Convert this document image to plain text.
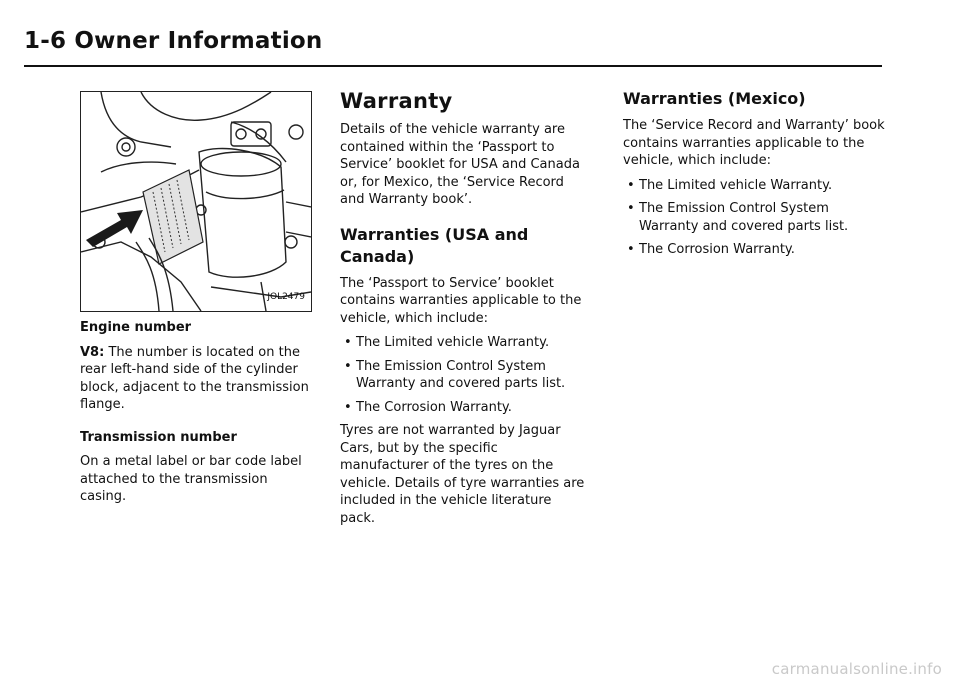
1-6 Owner Information
JOL2479

Engine number

V8: The number is located on the rear left-hand side of the cylinder block, adjacent to the transmission flange.

Transmission number

On a metal label or bar code label attached to the transmission casing.

Warranty

Details of the vehicle warranty are contained within the ‘Passport to Service’ booklet for USA and Canada or, for Mexico, the ‘Service Record and Warranty book’.

Warranties (USA and Canada)

The ‘Passport to Service’ booklet contains warranties applicable to the vehicle, which include:

• The Limited vehicle Warranty.
• The Emission Control System Warranty and covered parts list.
• The Corrosion Warranty.

Tyres are not warranted by Jaguar Cars, but by the specific manufacturer of the tyres on the vehicle. Details of tyre warranties are included in the vehicle literature pack.

Warranties (Mexico)

The ‘Service Record and Warranty’ book contains warranties applicable to the vehicle, which include:

• The Limited vehicle Warranty.
• The Emission Control System Warranty and covered parts list.
• The Corrosion Warranty.
carmanualsonline.info
